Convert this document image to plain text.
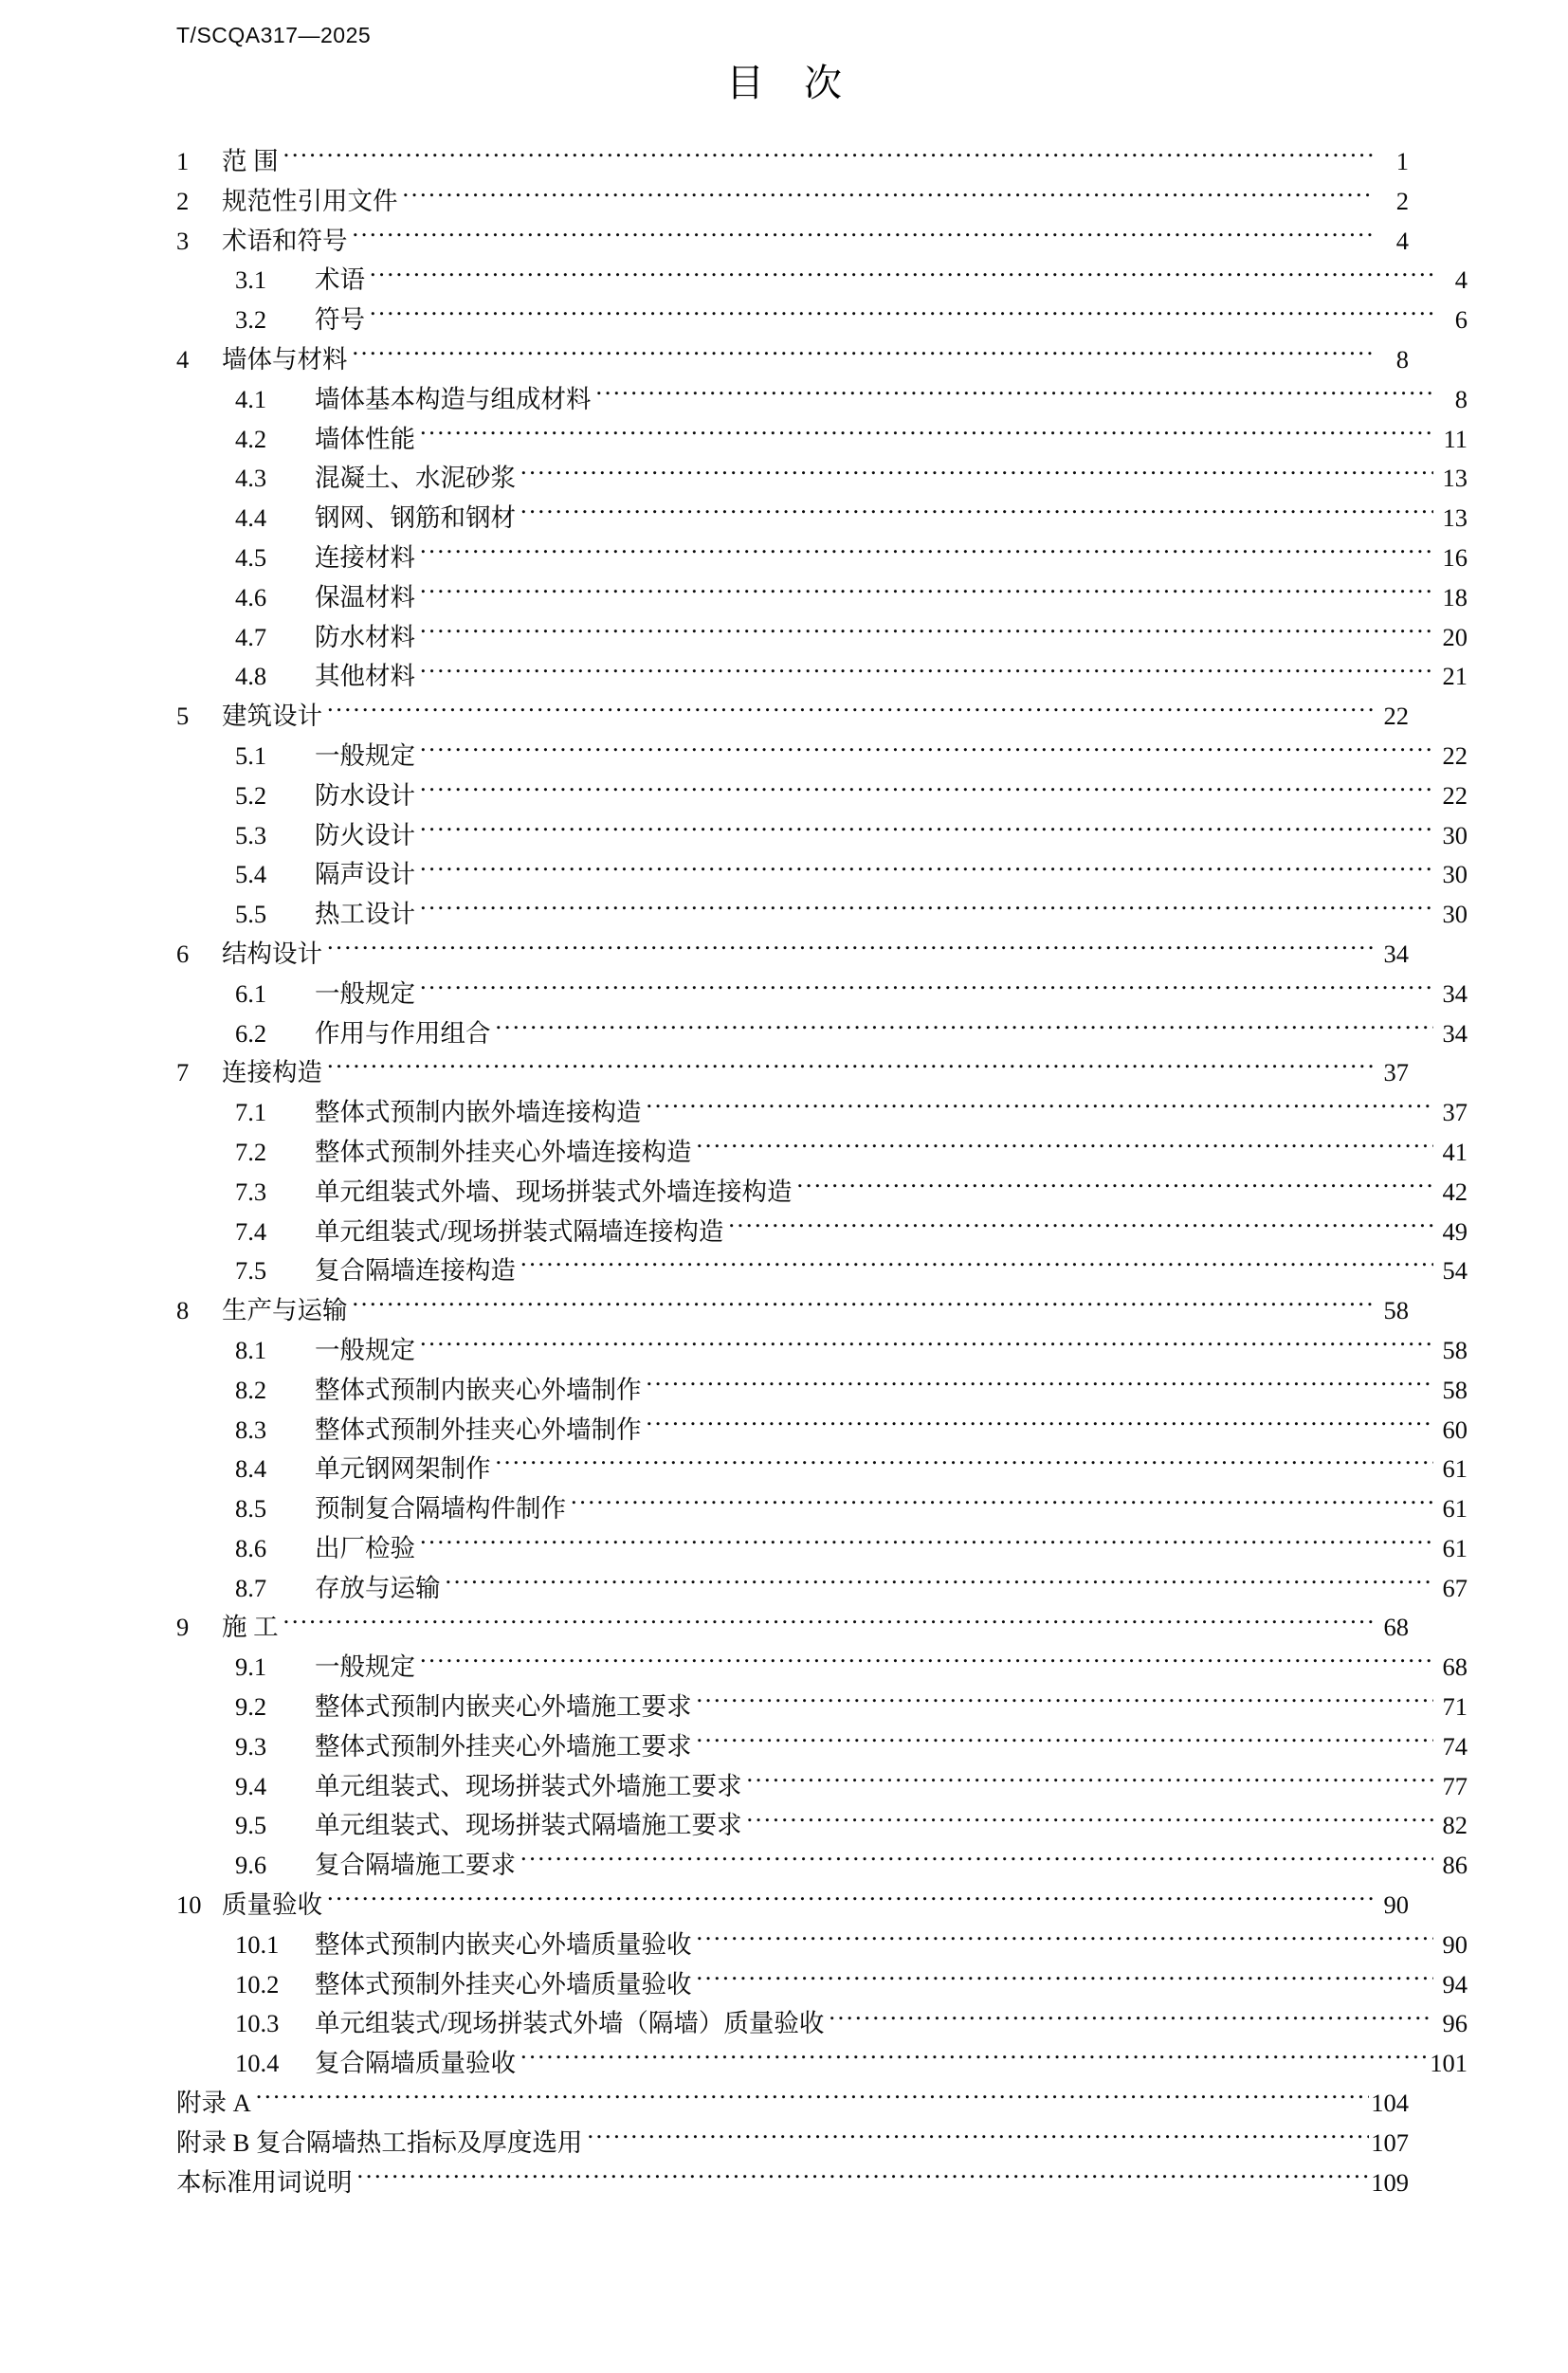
T/SCQA317—2025
目 次
1	范 围 .....	1
2	规范性引用文件 .....	2
3	术语和符号 .....	4
3.1	术语 .....	4
3.2	符号 .....	6
4	墙体与材料 .....	8
4.1	墙体基本构造与组成材料 .....	8
4.2	墙体性能 .....	11
4.3	混凝土、水泥砂浆 .....	13
4.4	钢网、钢筋和钢材 .....	13
4.5	连接材料 .....	16
4.6	保温材料 .....	18
4.7	防水材料 .....	20
4.8	其他材料 .....	21
5	建筑设计 .....	22
5.1	一般规定 .....	22
5.2	防水设计 .....	22
5.3	防火设计 .....	30
5.4	隔声设计 .....	30
5.5	热工设计 .....	30
6	结构设计 .....	34
6.1	一般规定 .....	34
6.2	作用与作用组合 .....	34
7	连接构造 .....	37
7.1	整体式预制内嵌外墙连接构造 .....	37
7.2	整体式预制外挂夹心外墙连接构造 .....	41
7.3	单元组装式外墙、现场拼装式外墙连接构造 .....	42
7.4	单元组装式/现场拼装式隔墙连接构造 .....	49
7.5	复合隔墙连接构造 .....	54
8	生产与运输 .....	58
8.1	一般规定 .....	58
8.2	整体式预制内嵌夹心外墙制作 .....	58
8.3	整体式预制外挂夹心外墙制作 .....	60
8.4	单元钢网架制作 .....	61
8.5	预制复合隔墙构件制作 .....	61
8.6	出厂检验 .....	61
8.7	存放与运输 .....	67
9	施 工 .....	68
9.1	一般规定 .....	68
9.2	整体式预制内嵌夹心外墙施工要求 .....	71
9.3	整体式预制外挂夹心外墙施工要求 .....	74
9.4	单元组装式、现场拼装式外墙施工要求 .....	77
9.5	单元组装式、现场拼装式隔墙施工要求 .....	82
9.6	复合隔墙施工要求 .....	86
10 质量验收 .....	90
10.1	整体式预制内嵌夹心外墙质量验收 .....	90
10.2	整体式预制外挂夹心外墙质量验收 .....	94
10.3	单元组装式/现场拼装式外墙（隔墙）质量验收 .....	96
10.4	复合隔墙质量验收 .....	101
附录 A .....	104
附录 B 复合隔墙热工指标及厚度选用 .....	107
本标准用词说明 .....	109
